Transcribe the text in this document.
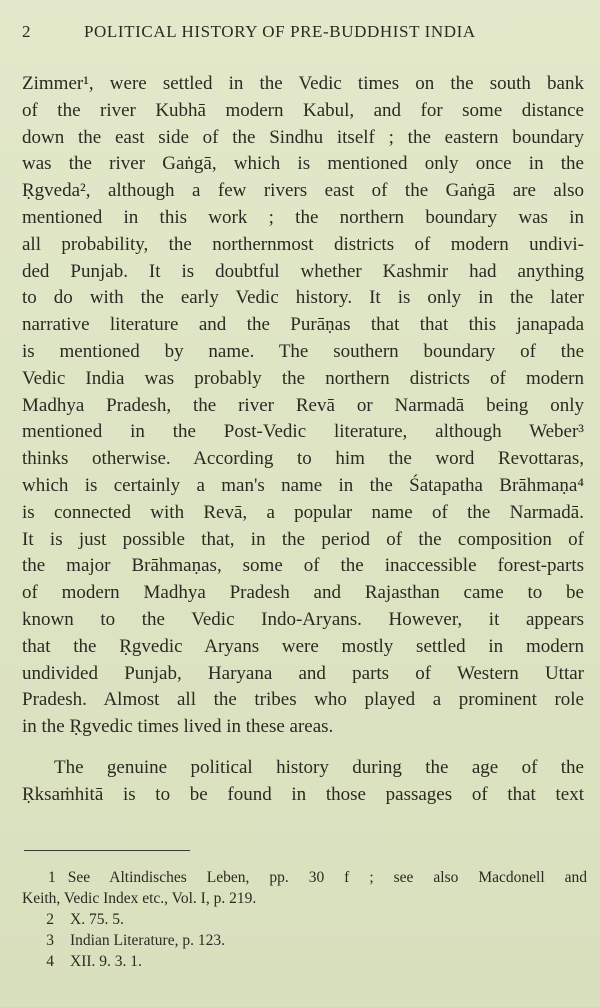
2	POLITICAL HISTORY OF PRE-BUDDHIST INDIA
Zimmer¹, were settled in the Vedic times on the south bank
of the river Kubhā modern Kabul, and for some distance
down the east side of the Sindhu itself ; the eastern boundary
was the river Gaṅgā, which is mentioned only once in the
Ṛgveda², although a few rivers east of the Gaṅgā are also
mentioned in this work ; the northern boundary was in
all probability, the northernmost districts of modern undivi-
ded Punjab. It is doubtful whether Kashmir had anything
to do with the early Vedic history. It is only in the later
narrative literature and the Purāṇas that that this janapada
is mentioned by name. The southern boundary of the
Vedic India was probably the northern districts of modern
Madhya Pradesh, the river Revā or Narmadā being only
mentioned in the Post-Vedic literature, although Weber³
thinks otherwise. According to him the word Revottaras,
which is certainly a man's name in the Śatapatha Brāhmaṇa⁴
is connected with Revā, a popular name of the Narmadā.
It is just possible that, in the period of the composition of
the major Brāhmaṇas, some of the inaccessible forest-parts
of modern Madhya Pradesh and Rajasthan came to be
known to the Vedic Indo-Aryans. However, it appears
that the Ṛgvedic Aryans were mostly settled in modern
undivided Punjab, Haryana and parts of Western Uttar
Pradesh. Almost all the tribes who played a prominent role
in the Ṛgvedic times lived in these areas.
The genuine political history during the age of the
Ṛksaṁhitā is to be found in those passages of that text
1 See Altindisches Leben, pp. 30 f ; see also Macdonell and
Keith, Vedic Index etc., Vol. I, p. 219.
2 X. 75. 5.
3 Indian Literature, p. 123.
4 XII. 9. 3. 1.
